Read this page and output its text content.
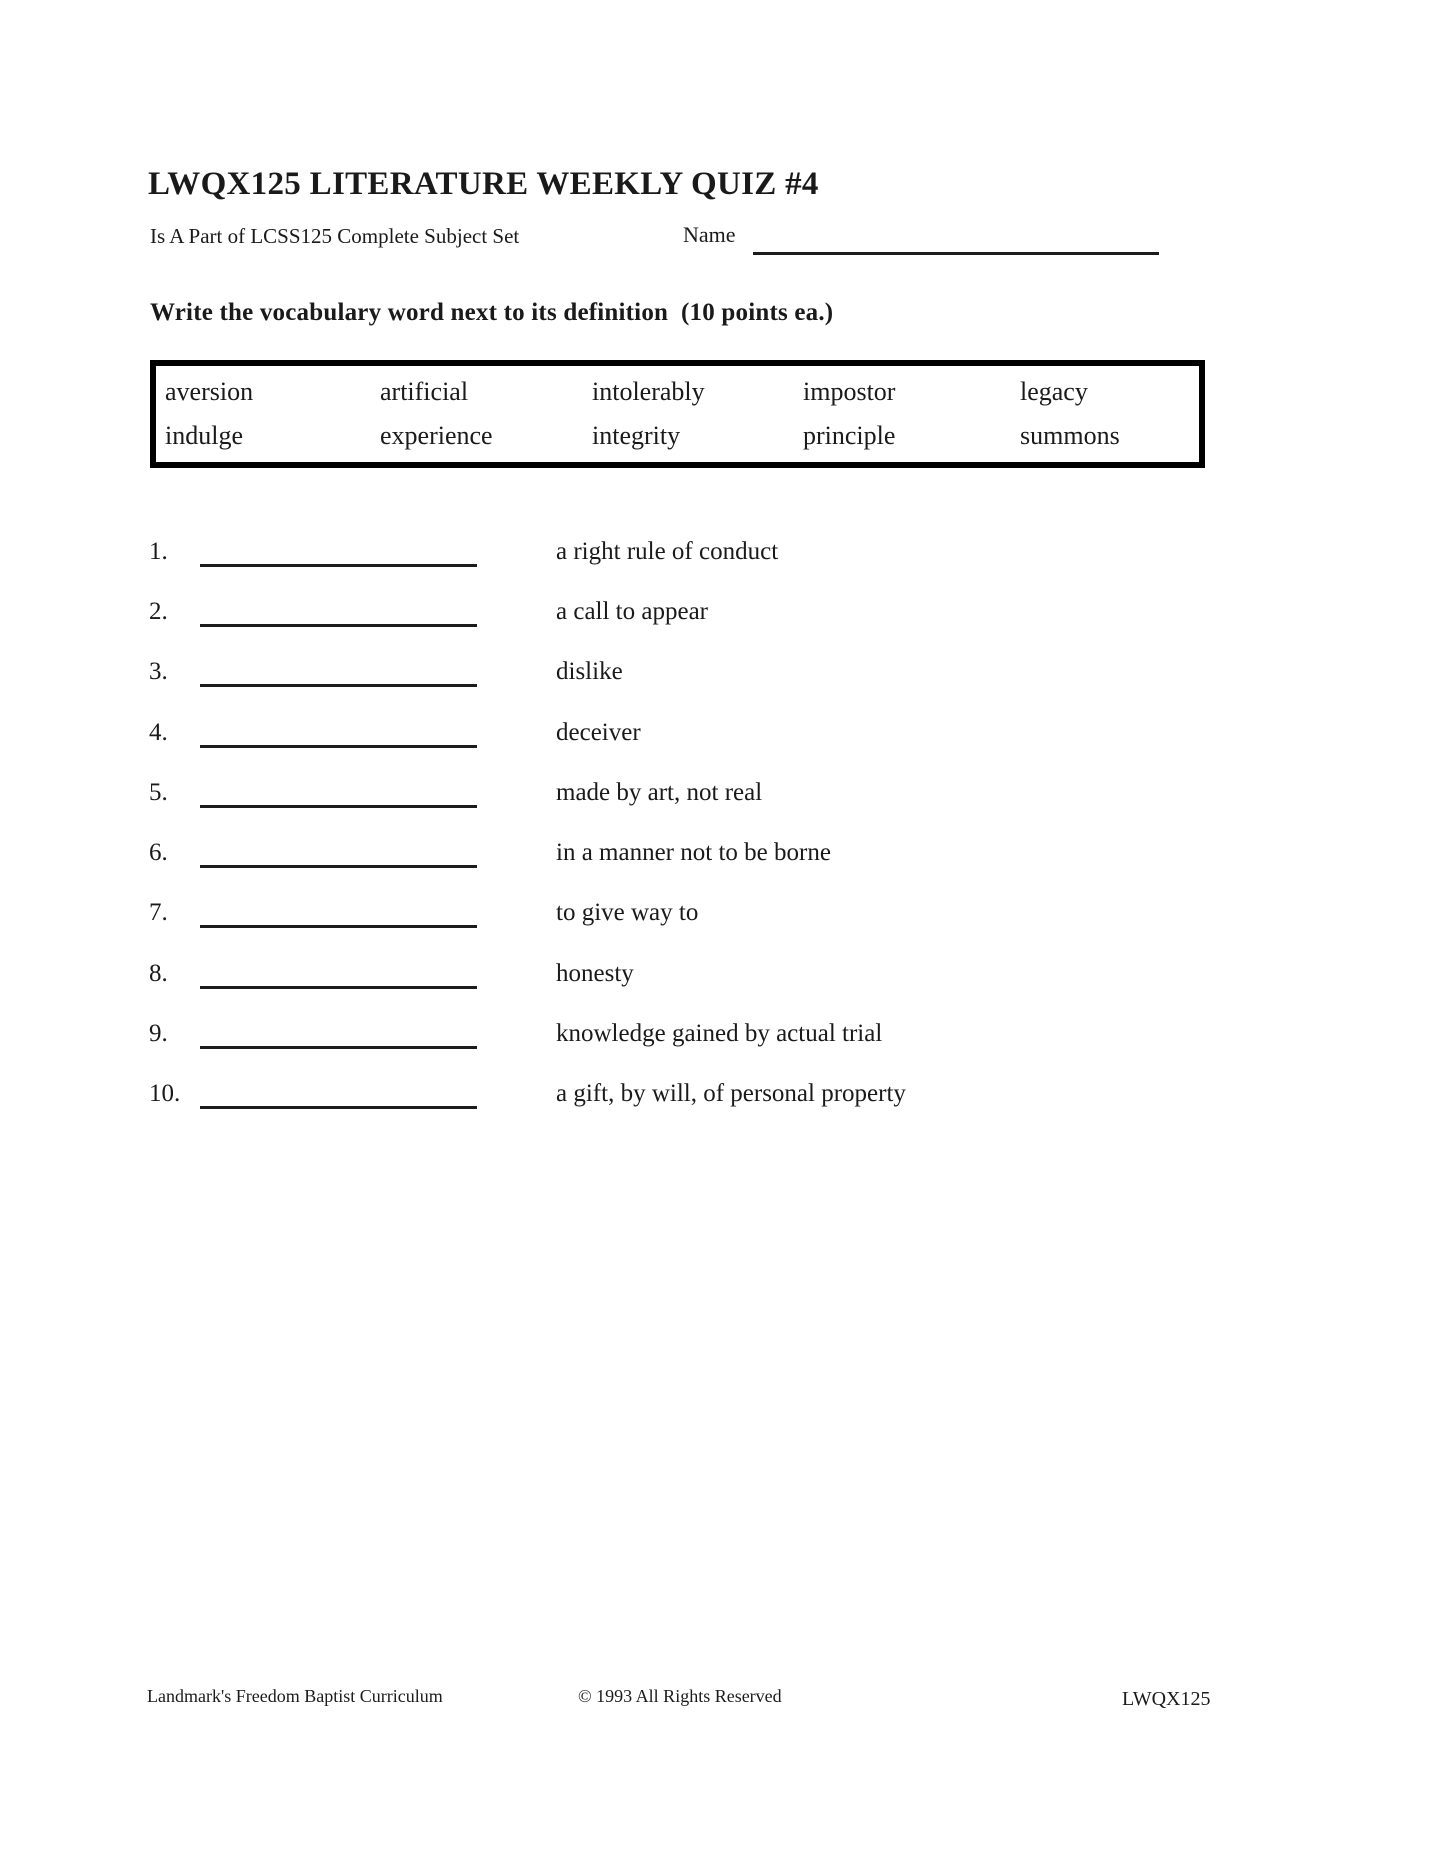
LWQX125 LITERATURE WEEKLY QUIZ #4
Is A Part of LCSS125 Complete Subject Set	Name
Write the vocabulary word next to its definition  (10 points ea.)
aversion	artificial	intolerably	impostor	legacy
indulge	experience	integrity	principle	summons
1.	a right rule of conduct
2.	a call to appear
3.	dislike
4.	deceiver
5.	made by art, not real
6.	in a manner not to be borne
7.	to give way to
8.	honesty
9.	knowledge gained by actual trial
10.	a gift, by will, of personal property
Landmark's Freedom Baptist Curriculum	© 1993 All Rights Reserved	LWQX125
